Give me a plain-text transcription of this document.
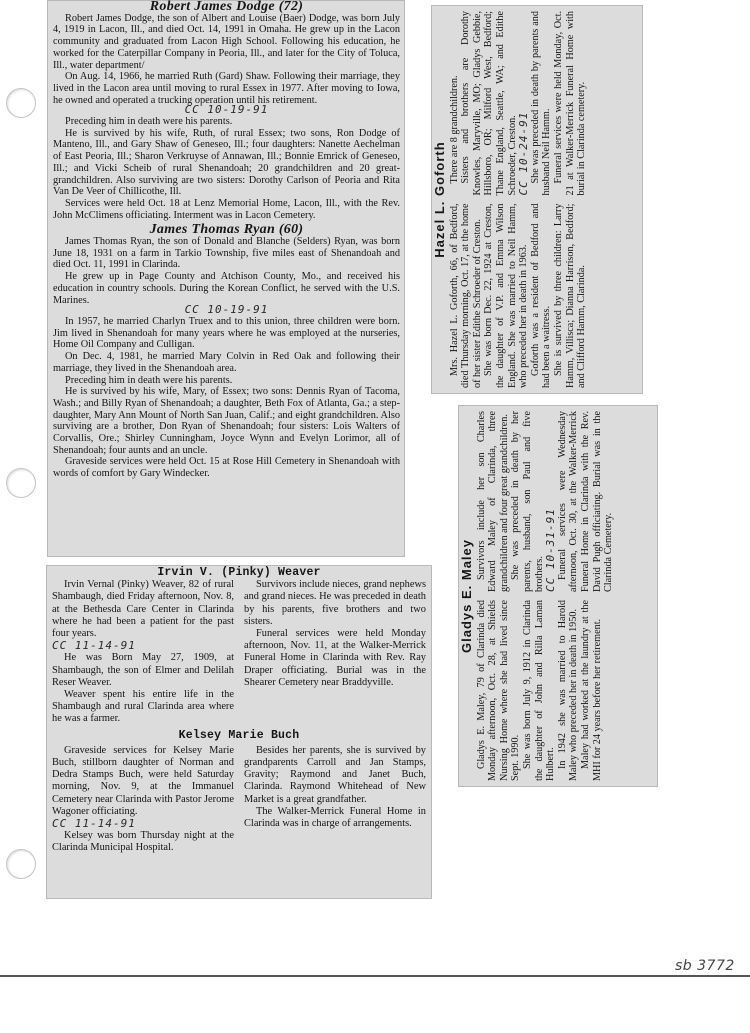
Robert James Dodge (72)

Robert James Dodge, the son of Albert and Louise (Baer) Dodge, was born July 4, 1919 in Lacon, Ill., and died Oct. 14, 1991 in Omaha. He grew up in the Lacon community and graduated from Lacon High School. Following his education, he worked for the Caterpillar Company in Peoria, Ill., and later for the City of Toluca, Ill., water department/

On Aug. 14, 1966, he married Ruth (Gard) Shaw. Following their marriage, they lived in the Lacon area until moving to rural Essex in 1977. After moving to Iowa, he owned and operated a trucking operation until his retirement.

CC 10-19-91

Preceding him in death were his parents.

He is survived by his wife, Ruth, of rural Essex; two sons, Ron Dodge of Manteno, Ill., and Gary Shaw of Geneseo, Ill.; four daughters: Nanette Aechelman of East Peoria, Ill.; Sharon Verkruyse of Annawan, Ill.; Bonnie Emrick of Geneseo, Ill.; and Vicki Scheib of rural Shenandoah; 20 grandchildren and 20 great-grandchildren. Also surviving are two sisters: Dorothy Carlson of Peoria and Rita Van De Veer of Chillicothe, Ill.

Services were held Oct. 18 at Lenz Memorial Home, Lacon, Ill., with the Rev. John McClimens officiating. Interment was in Lacon Cemetery.

James Thomas Ryan (60)

James Thomas Ryan, the son of Donald and Blanche (Selders) Ryan, was born June 18, 1931 on a farm in Tarkio Township, five miles east of Shenandoah and died Oct. 11, 1991 in Clarinda.

He grew up in Page County and Atchison County, Mo., and received his education in country schools. During the Korean Conflict, he served with the U.S. Marines.

CC 10-19-91

In 1957, he married Charlyn Truex and to this union, three children were born. Jim lived in Shenandoah for many years where he was employed at the nurseries, Home Oil Company and Culligan.

On Dec. 4, 1981, he married Mary Colvin in Red Oak and following their marriage, they lived in the Shenandoah area.

Preceding him in death were his parents.

He is survived by his wife, Mary, of Essex; two sons: Dennis Ryan of Tacoma, Wash.; and Billy Ryan of Shenandoah; a daughter, Beth Fox of Atlanta, Ga.; a step-daughter, Mary Ann Mount of North San Juan, Calif.; and eight grandchildren. Also surviving are a brother, Don Ryan of Shenandoah; four sisters: Lois Walters of Corvallis, Ore.; Shirley Cunningham, Joyce Wynn and Evelyn Lorimor, all of Shenandoah; four aunts and an uncle.

Graveside services were held Oct. 15 at Rose Hill Cemetery in Shenandoah with words of comfort by Gary Windecker.

Irvin V. (Pinky) Weaver

Irvin Vernal (Pinky) Weaver, 82 of rural Shambaugh, died Friday afternoon, Nov. 8, at the Bethesda Care Center in Clarinda where he had been a patient for the past four years.

CC 11-14-91

He was Born May 27, 1909, at Shambaugh, the son of Elmer and Delilah Reser Weaver.

Weaver spent his entire life in the Shambaugh and rural Clarinda area where he was a farmer.

Survivors include nieces, grand nephews and grand nieces. He was preceded in death by his parents, five brothers and two sisters.

Funeral services were held Monday afternoon, Nov. 11, at the Walker-Merrick Funeral Home in Clarinda with Rev. Ray Draper officiating. Burial was in the Shearer Cemetery near Braddyville.

Kelsey Marie Buch

Graveside services for Kelsey Marie Buch, stillborn daughter of Norman and Dedra Stamps Buch, were held Saturday morning, Nov. 9, at the Immanuel Cemetery near Clarinda with Pastor Jerome Wagoner officiating.

CC 11-14-91

Kelsey was born Thursday night at the Clarinda Municipal Hospital.

Besides her parents, she is survived by grandparents Carroll and Jan Stamps, Gravity; Raymond and Janet Buch, Clarinda. Raymond Whitehead of New Market is a great grandfather.

The Walker-Merrick Funeral Home in Clarinda was in charge of arrangements.

Hazel L. Goforth

Mrs. Hazel L. Goforth, 66, of Bedford, died Thursday morning, Oct. 17, at the home of her sister Edithe Schroeder of Creston. She was born Dec. 22, 1924 at Creston, the daughter of V.P. and Emma Wilson England. She was married to Neil Hamm, who preceded her in death in 1963. Goforth was a resident of Bedford and had been a waitress. She is survived by three children: Larry Hamm, Villisca; Dianna Harrison, Bedford; and Clifford Hamm, Clarinda.

There are 8 grandchildren. Sisters and brothers are Dorothy Knowles, Maryville, MO; Gladys Gebbie, Hillsboro, OR; Milford West, Bedford; Thane England, Seattle, WA; and Edithe Schroeder, Creston. CC 10-24-91 She was preceded in death by parents and husband Neil Hamm. Funeral services were held Monday, Oct. 21 at Walker-Merrick Funeral Home with burial in Clarinda cemetery.

Gladys E. Maley

Gladys E. Maley, 79 of Clarinda died Monday afternoon, Oct. 28, at Shields Nursing Home where she had lived since Sept. 1990. She was born July 9, 1912 in Clarinda the daughter of John and Rilla Laman Hulbert. In 1942 she was married to Harold Maley who preceded her in death in 1950. Maley had worked at the laundry at the MHI for 24 years before her retirement.

Survivors include her son Charles Edward Maley of Clarinda, three grandchildren and four great grandchildren. She was preceded in death by her parents, husband, son Paul and five brothers. CC 10-31-91 Funeral services were Wednesday afternoon, Oct. 30, at the Walker-Merrick Funeral Home in Clarinda with the Rev. David Pugh officiating. Burial was in the Clarinda Cemetery.

sb 3772
